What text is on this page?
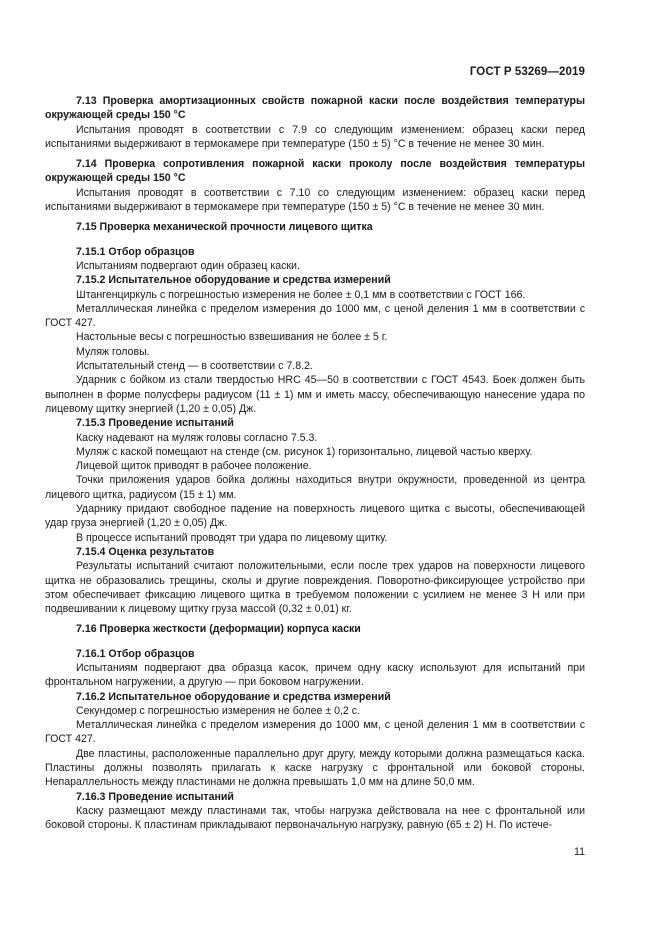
ГОСТ Р 53269—2019

7.13 Проверка амортизационных свойств пожарной каски после воздействия температуры окружающей среды 150 °С

Испытания проводят в соответствии с 7.9 со следующим изменением: образец каски перед испытаниями выдерживают в термокамере при температуре (150 ± 5) °С в течение не менее 30 мин.

7.14 Проверка сопротивления пожарной каски проколу после воздействия температуры окружающей среды 150 °С

Испытания проводят в соответствии с 7.10 со следующим изменением: образец каски перед испытаниями выдерживают в термокамере при температуре (150 ± 5) °С в течение не менее 30 мин.

7.15 Проверка механической прочности лицевого щитка

7.15.1 Отбор образцов

Испытаниям подвергают один образец каски.

7.15.2 Испытательное оборудование и средства измерений

Штангенциркуль с погрешностью измерения не более ± 0,1 мм в соответствии с ГОСТ 166.

Металлическая линейка с пределом измерения до 1000 мм, с ценой деления 1 мм в соответствии с ГОСТ 427.

Настольные весы с погрешностью взвешивания не более ± 5 г.

Муляж головы.

Испытательный стенд — в соответствии с 7.8.2.

Ударник с бойком из стали твердостью HRC 45—50 в соответствии с ГОСТ 4543. Боек должен быть выполнен в форме полусферы радиусом (11 ± 1) мм и иметь массу, обеспечивающую нанесение удара по лицевому щитку энергией (1,20 ± 0,05) Дж.

7.15.3 Проведение испытаний

Каску надевают на муляж головы согласно 7.5.3.

Муляж с каской помещают на стенде (см. рисунок 1) горизонтально, лицевой частью кверху.

Лицевой щиток приводят в рабочее положение.

Точки приложения ударов бойка должны находиться внутри окружности, проведенной из центра лицевого щитка, радиусом (15 ± 1) мм.

Ударнику придают свободное падение на поверхность лицевого щитка с высоты, обеспечивающей удар груза энергией (1,20 ± 0,05) Дж.

В процессе испытаний проводят три удара по лицевому щитку.

7.15.4 Оценка результатов

Результаты испытаний считают положительными, если после трех ударов на поверхности лицевого щитка не образовались трещины, сколы и другие повреждения. Поворотно-фиксирующее устройство при этом обеспечивает фиксацию лицевого щитка в требуемом положении с усилием не менее 3 Н или при подвешивании к лицевому щитку груза массой (0,32 ± 0,01) кг.

7.16 Проверка жесткости (деформации) корпуса каски

7.16.1 Отбор образцов

Испытаниям подвергают два образца касок, причем одну каску используют для испытаний при фронтальном нагружении, а другую — при боковом нагружении.

7.16.2 Испытательное оборудование и средства измерений

Секундомер с погрешностью измерения не более ± 0,2 с.

Металлическая линейка с пределом измерения до 1000 мм, с ценой деления 1 мм в соответствии с ГОСТ 427.

Две пластины, расположенные параллельно друг другу, между которыми должна размещаться каска. Пластины должны позволять прилагать к каске нагрузку с фронтальной или боковой стороны. Непараллельность между пластинами не должна превышать 1,0 мм на длине 50,0 мм.

7.16.3 Проведение испытаний

Каску размещают между пластинами так, чтобы нагрузка действовала на нее с фронтальной или боковой стороны. К пластинам прикладывают первоначальную нагрузку, равную (65 ± 2) Н. По истече-

11
